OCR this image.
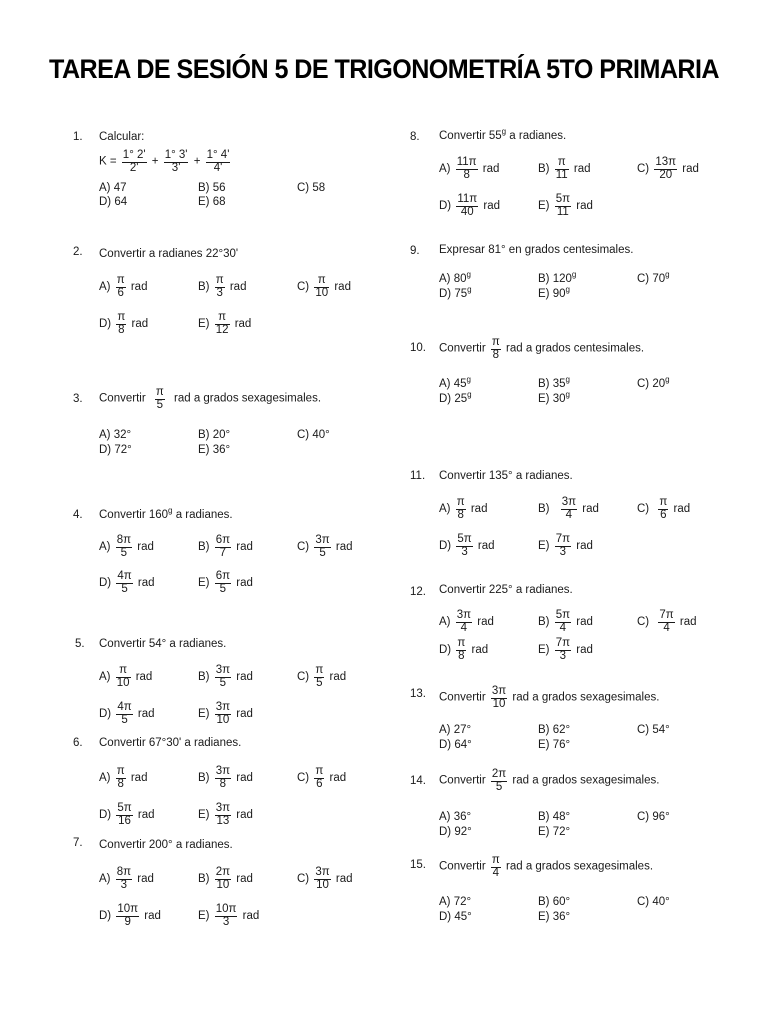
TAREA DE SESIÓN 5 DE TRIGONOMETRÍA 5TO PRIMARIA
1. Calcular:
$K = \frac{1^\circ 2'}{2'} + \frac{1^\circ 3'}{3'} + \frac{1^\circ 4'}{4'}$
A) 47	B) 56	C) 58
D) 64	E) 68
2. Convertir a radianes 22°30'
$A) \frac{\pi}{6}$ rad	$B) \frac{\pi}{3}$ rad	$C) \frac{\pi}{10}$ rad
$D) \frac{\pi}{8}$ rad	$E) \frac{\pi}{12}$ rad
3. Convertir $\frac{\pi}{5}$ rad a grados sexagesimales.
A) 32°	B) 20°	C) 40°
D) 72°	E) 36°
4. Convertir 160$^g$ a radianes.
$A) \frac{8\pi}{5}$ rad	$B) \frac{6\pi}{7}$ rad	$C) \frac{3\pi}{5}$ rad
$D) \frac{4\pi}{5}$ rad	$E) \frac{6\pi}{5}$ rad
5. Convertir 54° a radianes.
$A) \frac{\pi}{10}$ rad	$B) \frac{3\pi}{5}$ rad	$C) \frac{\pi}{5}$ rad
$D) \frac{4\pi}{5}$ rad	$E) \frac{3\pi}{10}$ rad
6. Convertir 67°30' a radianes.
$A) \frac{\pi}{8}$ rad	$B) \frac{3\pi}{8}$ rad	$C) \frac{\pi}{6}$ rad
$D) \frac{5\pi}{16}$ rad	$E) \frac{3\pi}{13}$ rad
7. Convertir 200° a radianes.
$A) \frac{8\pi}{3}$ rad	$B) \frac{2\pi}{10}$ rad	$C) \frac{3\pi}{10}$ rad
$D) \frac{10\pi}{9}$ rad	$E) \frac{10\pi}{3}$ rad
8. Convertir 55$^g$ a radianes.
$A) \frac{11\pi}{8}$ rad	$B) \frac{\pi}{11}$ rad	$C) \frac{13\pi}{20}$ rad
$D) \frac{11\pi}{40}$ rad	$E) \frac{5\pi}{11}$ rad
9. Expresar 81° en grados centesimales.
A) 80$^g$	B) 120$^g$	C) 70$^g$
D) 75$^g$	E) 90$^g$
10. Convertir $\frac{\pi}{8}$ rad a grados centesimales.
A) 45$^g$	B) 35$^g$	C) 20$^g$
D) 25$^g$	E) 30$^g$
11. Convertir 135° a radianes.
$A) \frac{\pi}{8}$ rad	$B) \frac{3\pi}{4}$ rad	$C) \frac{\pi}{6}$ rad
$D) \frac{5\pi}{3}$ rad	$E) \frac{7\pi}{3}$ rad
12. Convertir 225° a radianes.
$A) \frac{3\pi}{4}$ rad	$B) \frac{5\pi}{4}$ rad	$C) \frac{7\pi}{4}$ rad
$D) \frac{\pi}{8}$ rad	$E) \frac{7\pi}{3}$ rad
13. Convertir $\frac{3\pi}{10}$ rad a grados sexagesimales.
A) 27°	B) 62°	C) 54°
D) 64°	E) 76°
14. Convertir $\frac{2\pi}{5}$ rad a grados sexagesimales.
A) 36°	B) 48°	C) 96°
D) 92°	E) 72°
15. Convertir $\frac{\pi}{4}$ rad a grados sexagesimales.
A) 72°	B) 60°	C) 40°
D) 45°	E) 36°
